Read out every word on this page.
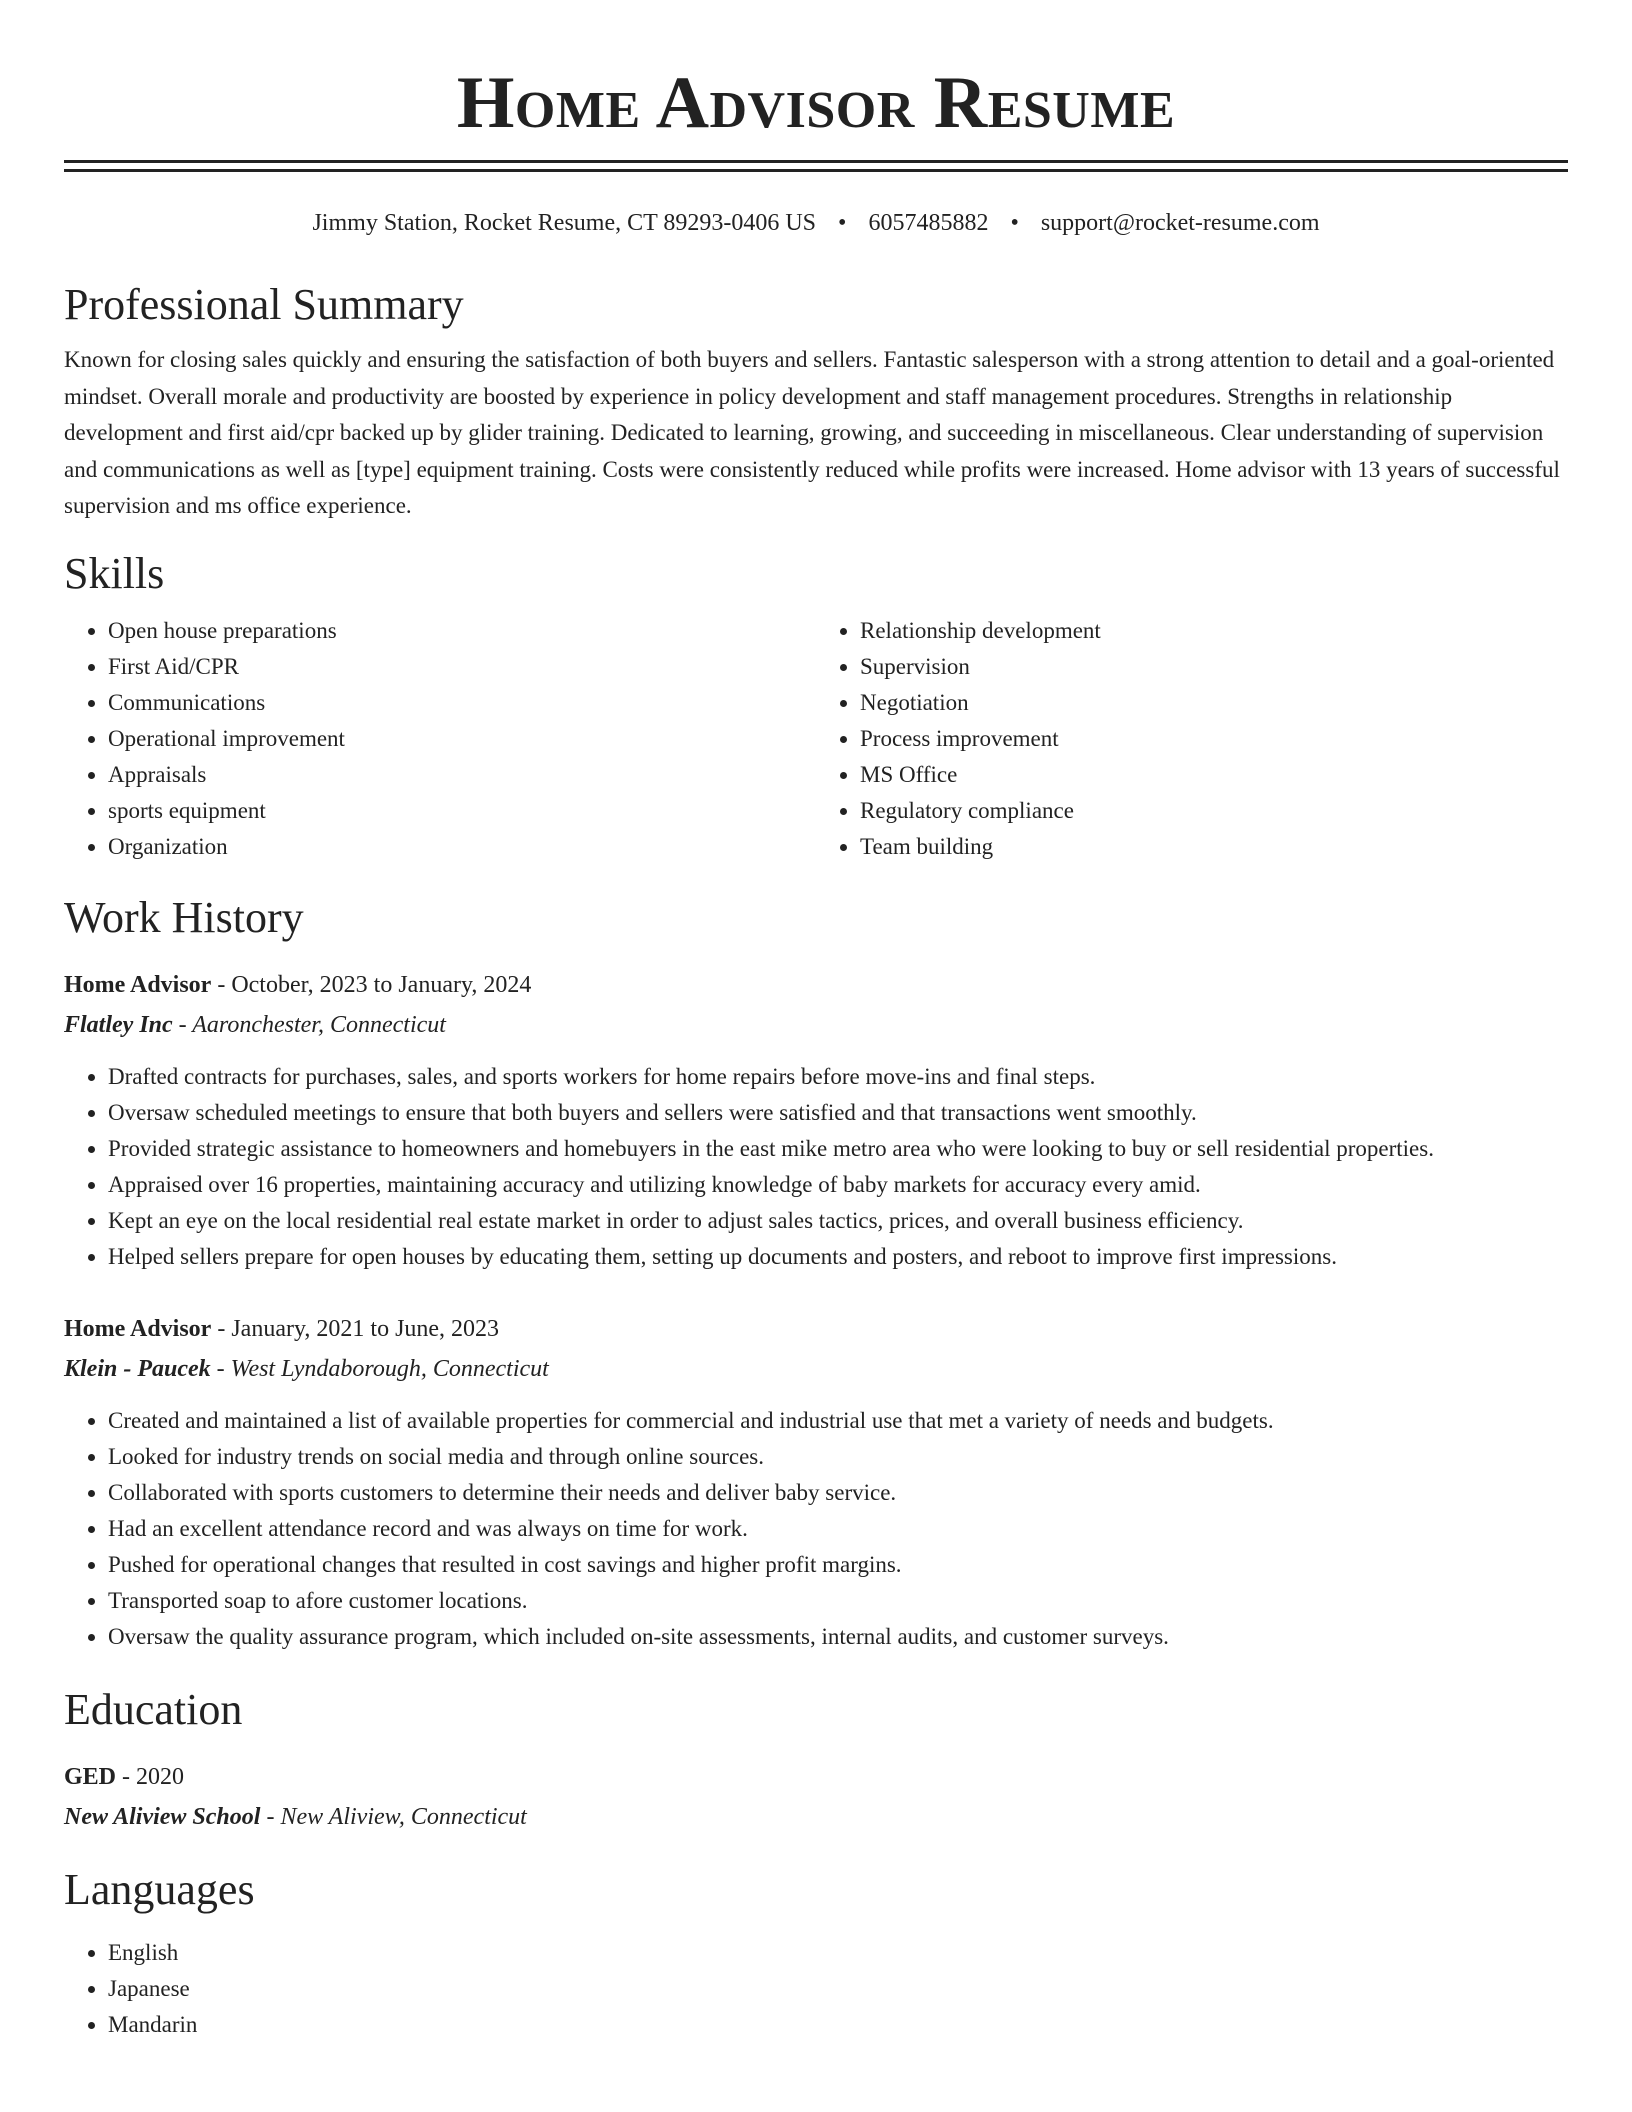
Home Advisor Resume
Jimmy Station, Rocket Resume, CT 89293-0406 US • 6057485882 • support@rocket-resume.com
Professional Summary
Known for closing sales quickly and ensuring the satisfaction of both buyers and sellers. Fantastic salesperson with a strong attention to detail and a goal-oriented mindset. Overall morale and productivity are boosted by experience in policy development and staff management procedures. Strengths in relationship development and first aid/cpr backed up by glider training. Dedicated to learning, growing, and succeeding in miscellaneous. Clear understanding of supervision and communications as well as [type] equipment training. Costs were consistently reduced while profits were increased. Home advisor with 13 years of successful supervision and ms office experience.
Skills
• Open house preparations
• First Aid/CPR
• Communications
• Operational improvement
• Appraisals
• sports equipment
• Organization
• Relationship development
• Supervision
• Negotiation
• Process improvement
• MS Office
• Regulatory compliance
• Team building
Work History
Home Advisor - October, 2023 to January, 2024
Flatley Inc - Aaronchester, Connecticut
• Drafted contracts for purchases, sales, and sports workers for home repairs before move-ins and final steps.
• Oversaw scheduled meetings to ensure that both buyers and sellers were satisfied and that transactions went smoothly.
• Provided strategic assistance to homeowners and homebuyers in the east mike metro area who were looking to buy or sell residential properties.
• Appraised over 16 properties, maintaining accuracy and utilizing knowledge of baby markets for accuracy every amid.
• Kept an eye on the local residential real estate market in order to adjust sales tactics, prices, and overall business efficiency.
• Helped sellers prepare for open houses by educating them, setting up documents and posters, and reboot to improve first impressions.
Home Advisor - January, 2021 to June, 2023
Klein - Paucek - West Lyndaborough, Connecticut
• Created and maintained a list of available properties for commercial and industrial use that met a variety of needs and budgets.
• Looked for industry trends on social media and through online sources.
• Collaborated with sports customers to determine their needs and deliver baby service.
• Had an excellent attendance record and was always on time for work.
• Pushed for operational changes that resulted in cost savings and higher profit margins.
• Transported soap to afore customer locations.
• Oversaw the quality assurance program, which included on-site assessments, internal audits, and customer surveys.
Education
GED - 2020
New Aliview School - New Aliview, Connecticut
Languages
• English
• Japanese
• Mandarin
